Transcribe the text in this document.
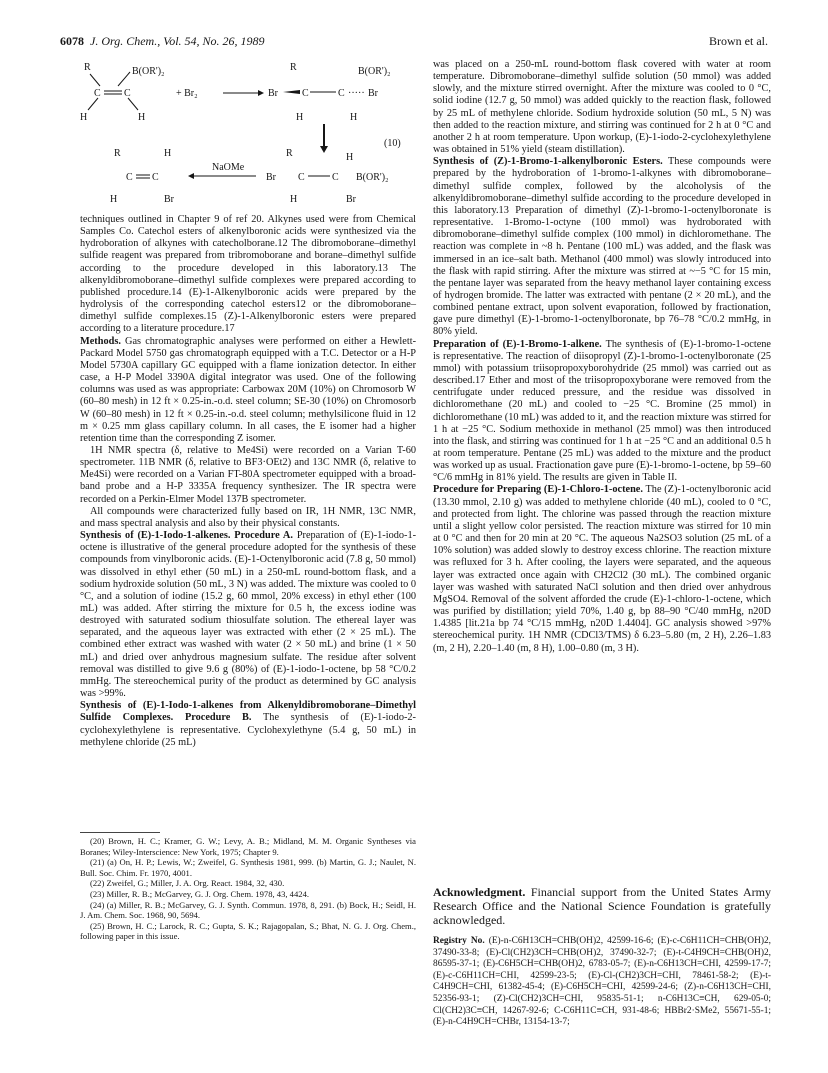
6078 J. Org. Chem., Vol. 54, No. 26, 1989	Brown et al.
R	B(OR')₂
C C
H	H
+ Br₂
R	B(OR')₂
Br C	C ····· Br
H	H
(10)
R	H
Br C	C B(OR')₂
H	Br
NaOMe
R	H
C C
H	Br

techniques outlined in Chapter 9 of ref 20. Alkynes used were from Chemical Samples Co. Catechol esters of alkenylboronic acids were synthesized via the hydroboration of alkynes with catecholborane.12 The dibromoborane–dimethyl sulfide reagent was prepared from tribromoborane and borane–dimethyl sulfide according to the procedure developed in this laboratory.13 The alkenyldibromoborane–dimethyl sulfide complexes were prepared according to published procedure.14 (E)-1-Alkenylboronic acids were prepared by the hydrolysis of the corresponding catechol esters12 or the dibromoborane–dimethyl sulfide complexes.15 (Z)-1-Alkenylboronic esters were prepared according to a literature procedure.17

Methods. Gas chromatographic analyses were performed on either a Hewlett-Packard Model 5750 gas chromatograph equipped with a T.C. Detector or a H-P Model 5730A capillary GC equipped with a flame ionization detector. In either case, a H-P Model 3390A digital integrator was used. One of the following columns was used as was appropriate: Carbowax 20M (10%) on Chromosorb W (60–80 mesh) in 12 ft × 0.25-in.-o.d. steel column; SE-30 (10%) on Chromosorb W (60–80 mesh) in 12 ft × 0.25-in.-o.d. steel column; methylsilicone fluid in 12 m × 0.25 mm glass capillary column. In all cases, the E isomer had a higher retention time than the corresponding Z isomer.

1H NMR spectra (δ, relative to Me4Si) were recorded on a Varian T-60 spectrometer. 11B NMR (δ, relative to BF3·OEt2) and 13C NMR (δ, relative to Me4Si) were recorded on a Varian FT-80A spectrometer equipped with a broad-band probe and a H-P 3335A frequency synthesizer. The IR spectra were recorded on a Perkin-Elmer Model 137B spectrometer.

All compounds were characterized fully based on IR, 1H NMR, 13C NMR, and mass spectral analysis and also by their physical constants.

Synthesis of (E)-1-Iodo-1-alkenes. Procedure A. Preparation of (E)-1-iodo-1-octene is illustrative of the general procedure adopted for the synthesis of these compounds from vinylboronic acids. (E)-1-Octenylboronic acid (7.8 g, 50 mmol) was dissolved in ethyl ether (50 mL) in a 250-mL round-bottom flask, and a sodium hydroxide solution (50 mL, 3 N) was added. The mixture was cooled to 0 °C, and a solution of iodine (15.2 g, 60 mmol, 20% excess) in ethyl ether (100 mL) was added. After stirring the mixture for 0.5 h, the excess iodine was destroyed with saturated sodium thiosulfate solution. The ethereal layer was separated, and the aqueous layer was extracted with ether (2 × 25 mL). The combined ether extract was washed with water (2 × 50 mL) and brine (1 × 50 mL) and dried over anhydrous magnesium sulfate. The residue after solvent removal was distilled to give 9.6 g (80%) of (E)-1-iodo-1-octene, bp 58 °C/0.2 mmHg. The stereochemical purity of the product as determined by GC analysis was >99%.

Synthesis of (E)-1-Iodo-1-alkenes from Alkenyldibromoborane–Dimethyl Sulfide Complexes. Procedure B. The synthesis of (E)-1-iodo-2-cyclohexylethylene is representative. Cyclohexylethyne (5.4 g, 50 mL) in methylene chloride (25 mL)

(20) Brown, H. C.; Kramer, G. W.; Levy, A. B.; Midland, M. M. Organic Syntheses via Boranes; Wiley-Interscience: New York, 1975; Chapter 9.
(21) (a) On, H. P.; Lewis, W.; Zweifel, G. Synthesis 1981, 999. (b) Martin, G. J.; Naulet, N. Bull. Soc. Chim. Fr. 1970, 4001.
(22) Zweifel, G.; Miller, J. A. Org. React. 1984, 32, 430.
(23) Miller, R. B.; McGarvey, G. J. Org. Chem. 1978, 43, 4424.
(24) (a) Miller, R. B.; McGarvey, G. J. Synth. Commun. 1978, 8, 291. (b) Bock, H.; Seidl, H. J. Am. Chem. Soc. 1968, 90, 5694.
(25) Brown, H. C.; Larock, R. C.; Gupta, S. K.; Rajagopalan, S.; Bhat, N. G. J. Org. Chem., following paper in this issue.

was placed on a 250-mL round-bottom flask covered with water at room temperature. Dibromoborane–dimethyl sulfide solution (50 mmol) was added slowly, and the mixture stirred overnight. After the mixture was cooled to 0 °C, solid iodine (12.7 g, 50 mmol) was added quickly to the reaction flask, followed by 25 mL of methylene chloride. Sodium hydroxide solution (50 mL, 5 N) was then added to the reaction mixture, and stirring was continued for 2 h at 0 °C and another 2 h at room temperature. Upon workup, (E)-1-iodo-2-cyclohexylethylene was obtained in 51% yield (steam distillation).

Synthesis of (Z)-1-Bromo-1-alkenylboronic Esters. These compounds were prepared by the hydroboration of 1-bromo-1-alkynes with dibromoborane–dimethyl sulfide complex, followed by the alcoholysis of the alkenyldibromoborane–dimethyl sulfide according to the procedure developed in this laboratory.13 Preparation of dimethyl (Z)-1-bromo-1-octenylboronate is representative. 1-Bromo-1-octyne (100 mmol) was hydroborated with dibromoborane–dimethyl sulfide complex (100 mmol) in dichloromethane. The reaction was complete in ~8 h. Pentane (100 mL) was added, and the flask was immersed in an ice–salt bath. Methanol (400 mmol) was slowly introduced into the flask with rapid stirring. After the mixture was stirred at ~−5 °C for 15 min, the pentane layer was separated from the heavy methanol layer containing excess of hydrogen bromide. The latter was extracted with pentane (2 × 20 mL), and the combined pentane extract, upon solvent evaporation, followed by fractionation, gave pure dimethyl (E)-1-bromo-1-octenylboronate, bp 76–78 °C/0.2 mmHg, in 80% yield.

Preparation of (E)-1-Bromo-1-alkene. The synthesis of (E)-1-bromo-1-octene is representative. The reaction of diisopropyl (Z)-1-bromo-1-octenylboronate (25 mmol) with potassium triisopropoxyborohydride (25 mmol) was carried out as described.17 Ether and most of the triisopropoxyborane were removed from the centrifugate under reduced pressure, and the residue was dissolved in dichloromethane (20 mL) and cooled to −25 °C. Bromine (25 mmol) in dichloromethane (10 mL) was added to it, and the reaction mixture was stirred for 1 h at −25 °C. Sodium methoxide in methanol (25 mmol) was then introduced into the flask, and stirring was continued for 1 h at −25 °C and an additional 0.5 h at room temperature. Pentane (25 mL) was added to the mixture and the product was worked up as usual. Fractionation gave pure (E)-1-bromo-1-octene, bp 59–60 °C/6 mmHg in 81% yield. The results are given in Table II.

Procedure for Preparing (E)-1-Chloro-1-octene. The (Z)-1-octenylboronic acid (13.30 mmol, 2.10 g) was added to methylene chloride (40 mL), cooled to 0 °C, and protected from light. The chlorine was passed through the reaction mixture until a slight yellow color persisted. The reaction mixture was stirred for 10 min at 0 °C and then for 20 min at 20 °C. The aqueous Na2SO3 solution (25 mL of a 10% solution) was added slowly to destroy excess chlorine. The reaction mixture was refluxed for 3 h. After cooling, the layers were separated, and the aqueous layer was extracted once again with CH2Cl2 (30 mL). The combined organic layer was washed with saturated NaCl solution and then dried over anhydrous MgSO4. Removal of the solvent afforded the crude (E)-1-chloro-1-octene, which was purified by distillation; yield 70%, 1.40 g, bp 88–90 °C/40 mmHg, n20D 1.4385 [lit.21a bp 74 °C/15 mmHg, n20D 1.4404]. GC analysis showed >97% stereochemical purity. 1H NMR (CDCl3/TMS) δ 6.23–5.80 (m, 2 H), 2.26–1.83 (m, 2 H), 2.20–1.40 (m, 8 H), 1.00–0.80 (m, 3 H).

Acknowledgment. Financial support from the United States Army Research Office and the National Science Foundation is gratefully acknowledged.
Registry No. (E)-n-C6H13CH=CHB(OH)2, 42599-16-6; (E)-c-C6H11CH=CHB(OH)2, 37490-33-8; (E)-Cl(CH2)3CH=CHB(OH)2, 37490-32-7; (E)-t-C4H9CH=CHB(OH)2, 86595-37-1; (E)-C6H5CH=CHB(OH)2, 6783-05-7; (E)-n-C6H13CH=CHI, 42599-17-7; (E)-c-C6H11CH=CHI, 42599-23-5; (E)-Cl-(CH2)3CH=CHI, 78461-58-2; (E)-t-C4H9CH=CHI, 61382-45-4; (E)-C6H5CH=CHI, 42599-24-6; (Z)-n-C6H13CH=CHI, 52356-93-1; (Z)-Cl(CH2)3CH=CHI, 95835-51-1; n-C6H13C≡CH, 629-05-0; Cl(CH2)3C≡CH, 14267-92-6; C-C6H11C≡CH, 931-48-6; HBBr2·SMe2, 55671-55-1; (E)-n-C4H9CH=CHBr, 13154-13-7;
